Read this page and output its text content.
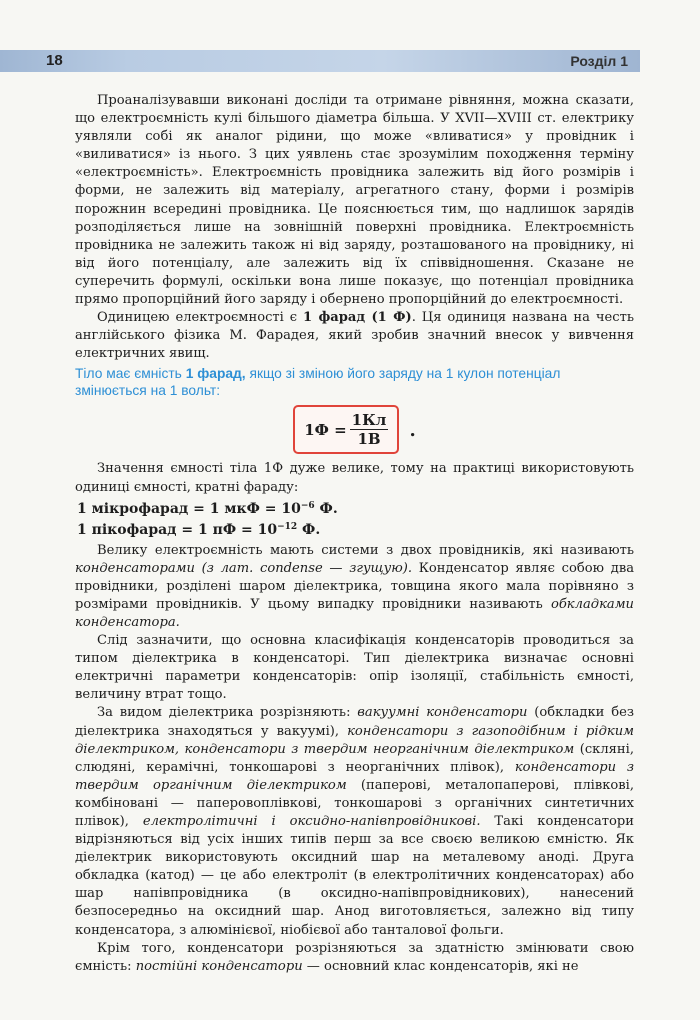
18	Розділ 1

Проаналізувавши виконані досліди та отримане рівняння, можна сказати, що електроємність кулі більшого діаметра більша. У XVII—XVIII ст. електрику уявляли собі як аналог рідини, що може «вливатися» у провідник і «виливатися» із нього. З цих уявлень стає зрозумілим походження терміну «електроємність». Електроємність провідника залежить від його розмірів і форми, не залежить від матеріалу, агрегатного стану, форми і розмірів порожнин всередині провідника. Це пояснюється тим, що надлишок зарядів розподіляється лише на зовнішній поверхні провідника. Електроємність провідника не залежить також ні від заряду, розташованого на провіднику, ні від його потенціалу, але залежить від їх співвідношення. Сказане не суперечить формулі, оскільки вона лише показує, що потенціал провідника прямо пропорційний його заряду і обернено пропорційний до електроємності.

Одиницею електроємності є 1 фарад (1 Ф). Ця одиниця названа на честь англійського фізика М. Фарадея, який зробив значний внесок у вивчення електричних явищ.

Тіло має ємність 1 фарад, якщо зі зміною його заряду на 1 кулон потенціал змінюється на 1 вольт:
$1Ф = \frac{1Кл}{1В}$ .

Значення ємності тіла 1Ф дуже велике, тому на практиці використовують одиниці ємності, кратні фараду:

1 мікрофарад = 1 мкФ = $10^{-6}$ Ф.
1 пікофарад = 1 пФ = $10^{-12}$ Ф.

Велику електроємність мають системи з двох провідників, які називають конденсаторами (з лат. condense — згущую). Конденсатор являє собою два провідники, розділені шаром діелектрика, товщина якого мала порівняно з розмірами провідників. У цьому випадку провідники називають обкладками конденсатора.

Слід зазначити, що основна класифікація конденсаторів проводиться за типом діелектрика в конденсаторі. Тип діелектрика визначає основні електричні параметри конденсаторів: опір ізоляції, стабільність ємності, величину втрат тощо.

За видом діелектрика розрізняють: вакуумні конденсатори (обкладки без діелектрика знаходяться у вакуумі), конденсатори з газоподібним і рідким діелектриком, конденсатори з твердим неорганічним діелектриком (скляні, слюдяні, керамічні, тонкошарові з неорганічних плівок), конденсатори з твердим органічним діелектриком (паперові, металопаперові, плівкові, комбіновані — паперовоплівкові, тонкошарові з органічних синтетичних плівок), електролітичні і оксидно-напівпровідникові. Такі конденсатори відрізняються від усіх інших типів перш за все своєю великою ємністю. Як діелектрик використовують оксидний шар на металевому аноді. Друга обкладка (катод) — це або електроліт (в електролітичних конденсаторах) або шар напівпровідника (в оксидно-напівпровідникових), нанесений безпосередньо на оксидний шар. Анод виготовляється, залежно від типу конденсатора, з алюмінієвої, ніобієвої або танталової фольги.

Крім того, конденсатори розрізняються за здатністю змінювати свою ємність: постійні конденсатори — основний клас конденсаторів, які не
